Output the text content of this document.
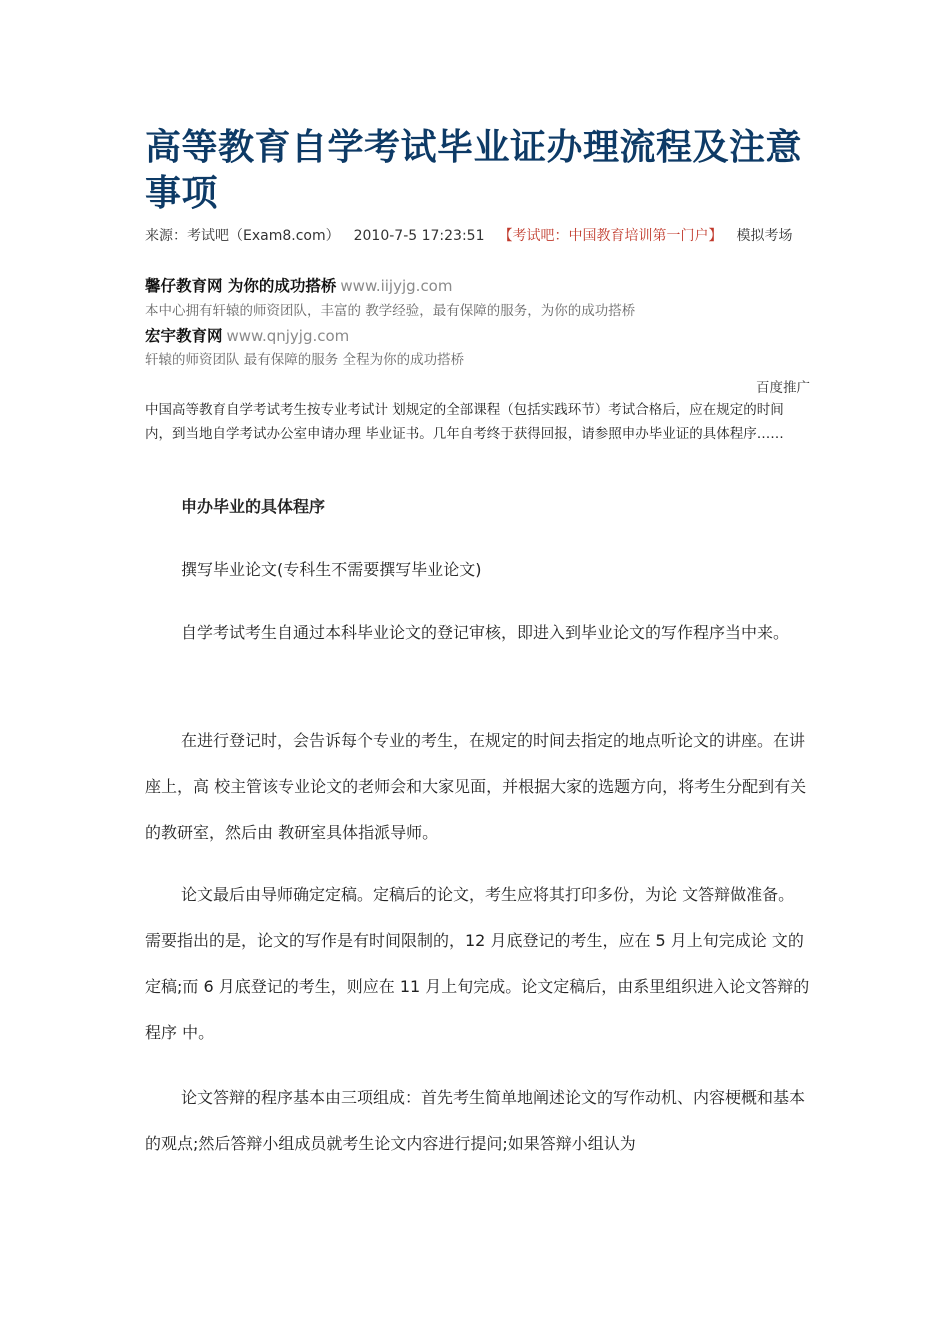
高等教育自学考试毕业证办理流程及注意事项
来源：考试吧（Exam8.com） 2010-7-5 17:23:51 【考试吧：中国教育培训第一门户】 模拟考场
馨仔教育网 为你的成功搭桥 www.iijyjg.com
本中心拥有轩辕的师资团队，丰富的 教学经验，最有保障的服务，为你的成功搭桥
宏宇教育网 www.qnjyjg.com
轩辕的师资团队 最有保障的服务 全程为你的成功搭桥
百度推广
中国高等教育自学考试考生按专业考试计 划规定的全部课程（包括实践环节）考试合格后，应在规定的时间内，到当地自学考试办公室申请办理 毕业证书。几年自考终于获得回报，请参照申办毕业证的具体程序……

申办毕业的具体程序

撰写毕业论文(专科生不需要撰写毕业论文)

自学考试考生自通过本科毕业论文的登记审核，即进入到毕业论文的写作程序当中来。

在进行登记时，会告诉每个专业的考生，在规定的时间去指定的地点听论文的讲座。在讲座上，高 校主管该专业论文的老师会和大家见面，并根据大家的选题方向，将考生分配到有关的教研室，然后由 教研室具体指派导师。

论文最后由导师确定定稿。定稿后的论文，考生应将其打印多份，为论 文答辩做准备。需要指出的是，论文的写作是有时间限制的，12 月底登记的考生，应在 5 月上旬完成论 文的定稿;而 6 月底登记的考生，则应在 11 月上旬完成。论文定稿后，由系里组织进入论文答辩的程序 中。

论文答辩的程序基本由三项组成：首先考生简单地阐述论文的写作动机、内容梗概和基本 的观点;然后答辩小组成员就考生论文内容进行提问;如果答辩小组认为
